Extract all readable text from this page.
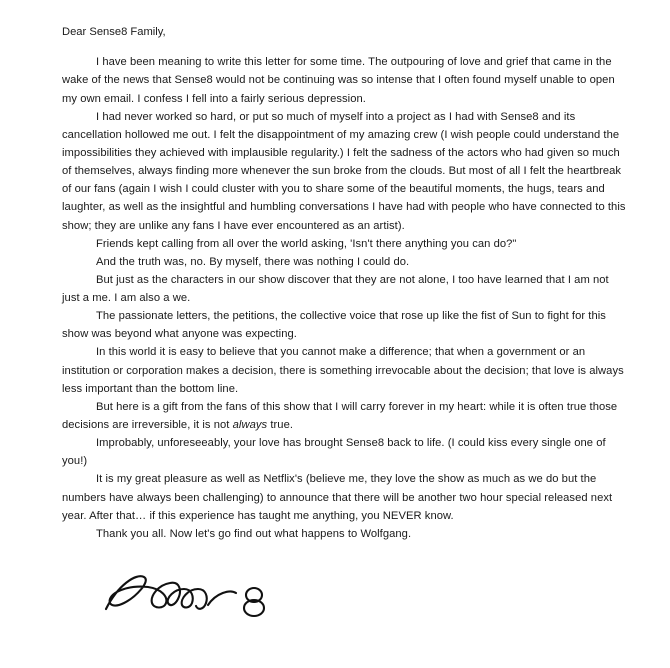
Dear Sense8 Family,

I have been meaning to write this letter for some time. The outpouring of love and grief that came in the wake of the news that Sense8 would not be continuing was so intense that I often found myself unable to open my own email. I confess I fell into a fairly serious depression.

I had never worked so hard, or put so much of myself into a project as I had with Sense8 and its cancellation hollowed me out. I felt the disappointment of my amazing crew (I wish people could understand the impossibilities they achieved with implausible regularity.) I felt the sadness of the actors who had given so much of themselves, always finding more whenever the sun broke from the clouds. But most of all I felt the heartbreak of our fans (again I wish I could cluster with you to share some of the beautiful moments, the hugs, tears and laughter, as well as the insightful and humbling conversations I have had with people who have connected to this show; they are unlike any fans I have ever encountered as an artist).

Friends kept calling from all over the world asking, 'Isn't there anything you can do?"

And the truth was, no. By myself, there was nothing I could do.

But just as the characters in our show discover that they are not alone, I too have learned that I am not just a me. I am also a we.

The passionate letters, the petitions, the collective voice that rose up like the fist of Sun to fight for this show was beyond what anyone was expecting.

In this world it is easy to believe that you cannot make a difference; that when a government or an institution or corporation makes a decision, there is something irrevocable about the decision; that love is always less important than the bottom line.

But here is a gift from the fans of this show that I will carry forever in my heart: while it is often true those decisions are irreversible, it is not always true.

Improbably, unforeseeably, your love has brought Sense8 back to life. (I could kiss every single one of you!)

It is my great pleasure as well as Netflix's (believe me, they love the show as much as we do but the numbers have always been challenging) to announce that there will be another two hour special released next year. After that… if this experience has taught me anything, you NEVER know.

Thank you all. Now let's go find out what happens to Wolfgang.
